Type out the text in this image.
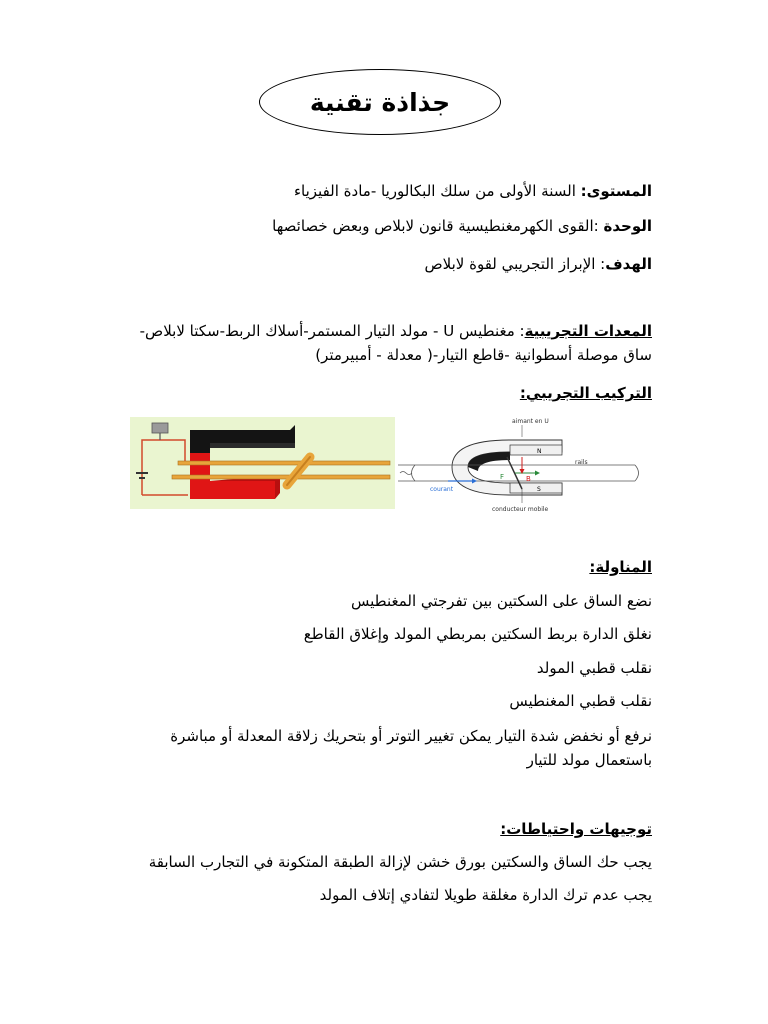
جذاذة تقنية
المستوى: السنة الأولى من سلك البكالوريا -مادة الفيزياء
الوحدة :القوى الكهرمغنطيسية قانون لابلاص وبعض خصائصها
الهدف: الإبراز التجريبي لقوة لابلاص
المعدات التجريبية: مغنطيس U - مولد التيار المستمر-أسلاك الربط-سكتا لابلاص-
ساق موصلة أسطوانية -قاطع التيار-( معدلة - أمبيرمتر)
التركيب التجريبي:
aimant en U
N
S
rails
conducteur mobile
F	B
courant
المناولة:
نضع الساق على السكتين بين تفرجتي المغنطيس
نغلق الدارة بربط السكتين بمربطي المولد وإغلاق القاطع
نقلب قطبي المولد
نقلب قطبي المغنطيس
نرفع أو نخفض شدة التيار يمكن تغيير التوتر أو بتحريك زلاقة المعدلة أو مباشرة
باستعمال مولد للتيار
توجيهات واحتياطات:
يجب حك الساق والسكتين بورق خشن لإزالة الطبقة المتكونة في التجارب السابقة
يجب عدم ترك الدارة مغلقة طويلا لتفادي إتلاف المولد
